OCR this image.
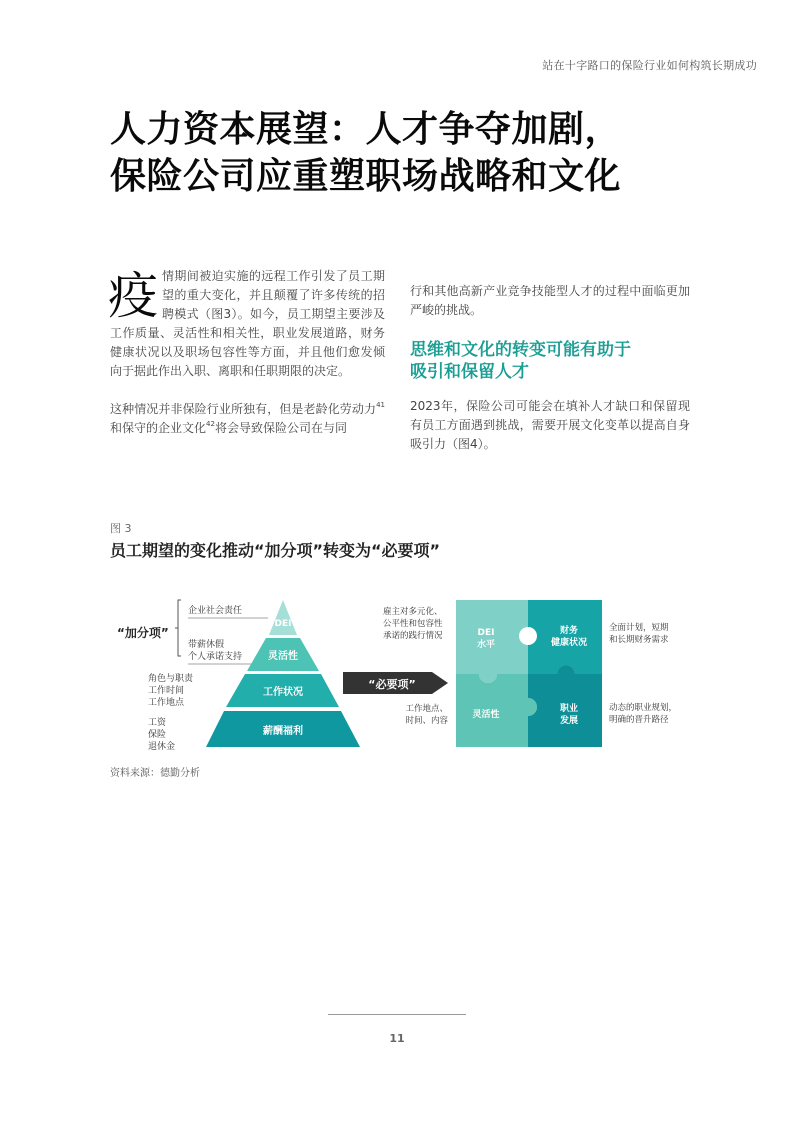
站在十字路口的保险行业如何构筑长期成功
人力资本展望：人才争夺加剧，
保险公司应重塑职场战略和文化

疫 情期间被迫实施的远程工作引发了员工期望的重大变化，并且颠覆了许多传统的招聘模式（图3）。如今，员工期望主要涉及工作质量、灵活性和相关性，职业发展道路，财务健康状况以及职场包容性等方面，并且他们愈发倾向于据此作出入职、离职和任职期限的决定。

这种情况并非保险行业所独有，但是老龄化劳动力$^{41}$和保守的企业文化$^{42}$将会导致保险公司在与同

行和其他高新产业竞争技能型人才的过程中面临更加严峻的挑战。

思维和文化的转变可能有助于
吸引和保留人才

2023年，保险公司可能会在填补人才缺口和保留现有员工方面遇到挑战，需要开展文化变革以提高自身吸引力（图4）。

图 3
员工期望的变化推动“加分项”转变为“必要项”
“加分项”
企业社会责任
带薪休假
个人承诺支持
角色与职责
工作时间
工作地点
工资
保险
退休金
DEI
灵活性
工作状况
薪酬福利
“必要项”
雇主对多元化、
公平性和包容性
承诺的践行情况
工作地点、
时间、内容
DEI
水平
财务
健康状况
灵活性
职业
发展
全面计划，短期
和长期财务需求
动态的职业规划，
明确的晋升路径
资料来源：德勤分析
11
